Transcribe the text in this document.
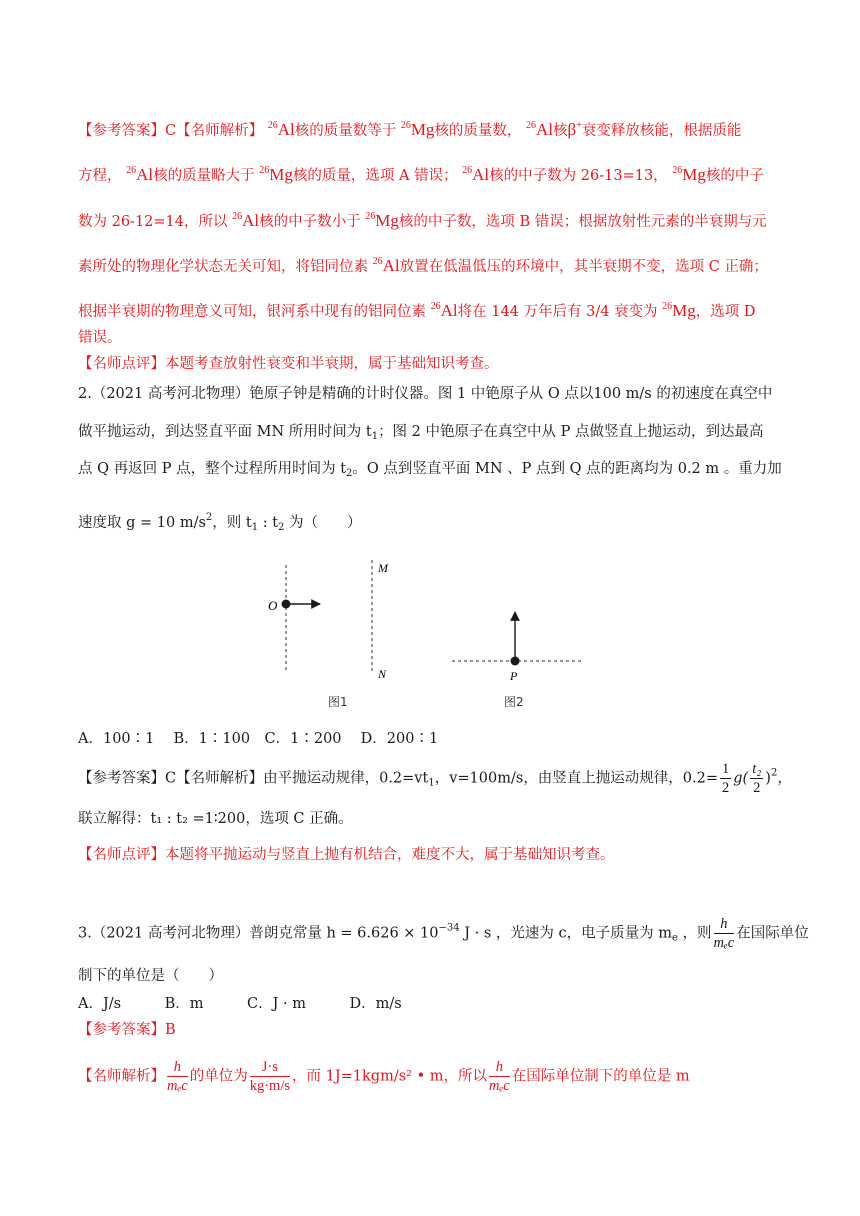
【参考答案】C【名师解析】 $^{26}$Al核的质量数等于 $^{26}$Mg核的质量数， $^{26}$Al核β+衰变释放核能，根据质能
方程， $^{26}$Al核的质量略大于 $^{26}$Mg核的质量，选项 A 错误； $^{26}$Al核的中子数为 26-13=13， $^{26}$Mg核的中子
数为 26-12=14，所以 $^{26}$Al核的中子数小于 $^{26}$Mg核的中子数，选项 B 错误；根据放射性元素的半衰期与元
素所处的物理化学状态无关可知，将铝同位素 $^{26}$Al放置在低温低压的环境中，其半衰期不变，选项 C 正确；
根据半衰期的物理意义可知，银河系中现有的铝同位素 $^{26}$Al将在 144 万年后有 3/4 衰变为 $^{26}$Mg，选项 D
错误。
【名师点评】本题考查放射性衰变和半衰期，属于基础知识考查。
2.（2021 高考河北物理）铯原子钟是精确的计时仪器。图 1 中铯原子从 O 点以100 m/s 的初速度在真空中
做平抛运动，到达竖直平面 MN 所用时间为 $t_1$；图 2 中铯原子在真空中从 P 点做竖直上抛运动，到达最高
点 Q 再返回 P 点，整个过程所用时间为 $t_2$。O 点到竖直平面 MN 、P 点到 Q 点的距离均为 0.2 m 。重力加
速度取 g = 10 $m/s^2$，则 $t_1$ : $t_2$ 为（　　）
O
M
N	P
图1	图2
A．100∶1　 B．1∶100　C．1∶200　 D．200∶1
【参考答案】C【名师解析】由平抛运动规律，$0.2=vt_1$，v=100m/s，由竖直上抛运动规律，$0.2= \frac{1}{2} g( \frac{\text{t₂}}{2} )^2$，
联立解得：t₁ : t₂ =1∶200，选项 C 正确。
【名师点评】本题将平抛运动与竖直上抛有机结合，难度不大，属于基础知识考查。
3.（2021 高考河北物理）普朗克常量 $h = 6.626 \times 10^{-34}$ J · s ，光速为 c，电子质量为 $m_e$ ，则 $\frac{h}{\text{mₑc}}$ 在国际单位
制下的单位是（　　）
A．J/s　　　B．m　　　C．J · m　　　D．m/s
【参考答案】B
【名师解析】 $\frac{h}{\text{mₑc}}$ 的单位为 $\frac{J\cdot s}{kg\cdot m/s}$ ，而 1J=1kgm/s² • m，所以 $\frac{h}{\text{mₑc}}$ 在国际单位制下的单位是 m
